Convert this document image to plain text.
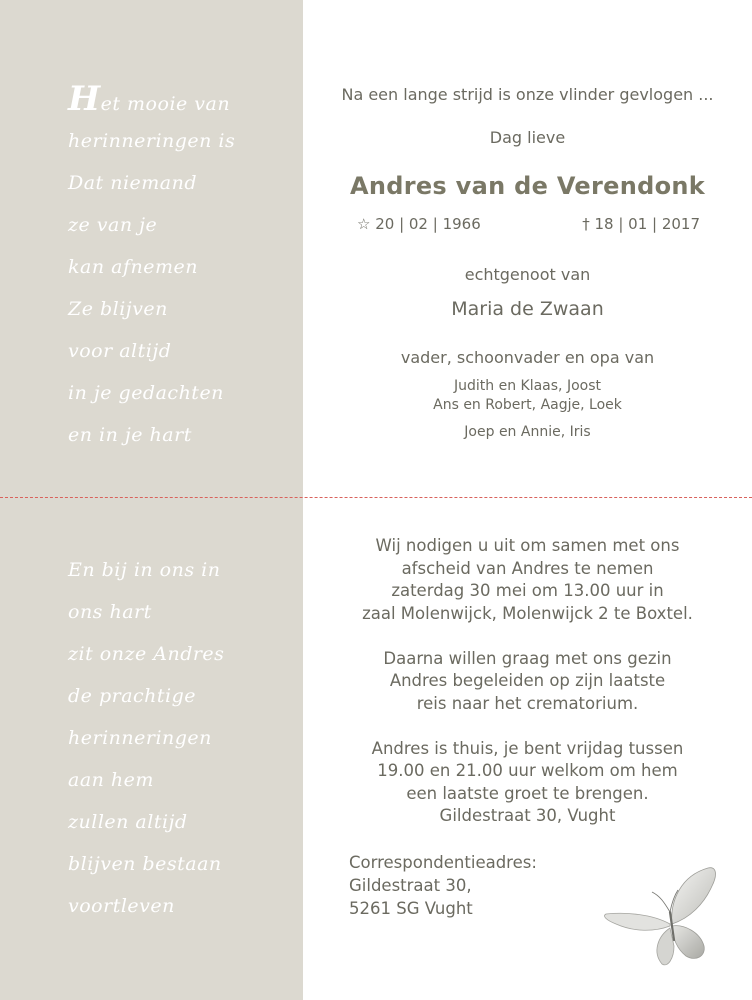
Het mooie van
herinneringen is
Dat niemand
ze van je
kan afnemen
Ze blijven
voor altijd
in je gedachten
en in je hart
En bij in ons in
ons hart
zit onze Andres
de prachtige
herinneringen
aan hem
zullen altijd
blijven bestaan
voortleven
Na een lange strijd is onze vlinder gevlogen ...
Dag lieve
Andres van de Verendonk
☆ 20 | 02 | 1966	† 18 | 01 | 2017
echtgenoot van
Maria de Zwaan
vader, schoonvader en opa van
Judith en Klaas, Joost
Ans en Robert, Aagje, Loek
Joep en Annie, Iris
Wij nodigen u uit om samen met ons
afscheid van Andres te nemen
zaterdag 30 mei om 13.00 uur in
zaal Molenwijck, Molenwijck 2 te Boxtel.
Daarna willen graag met ons gezin
Andres begeleiden op zijn laatste
reis naar het crematorium.
Andres is thuis, je bent vrijdag tussen
19.00 en 21.00 uur welkom om hem
een laatste groet te brengen.
Gildestraat 30, Vught
Correspondentieadres:
Gildestraat 30,
5261 SG Vught
